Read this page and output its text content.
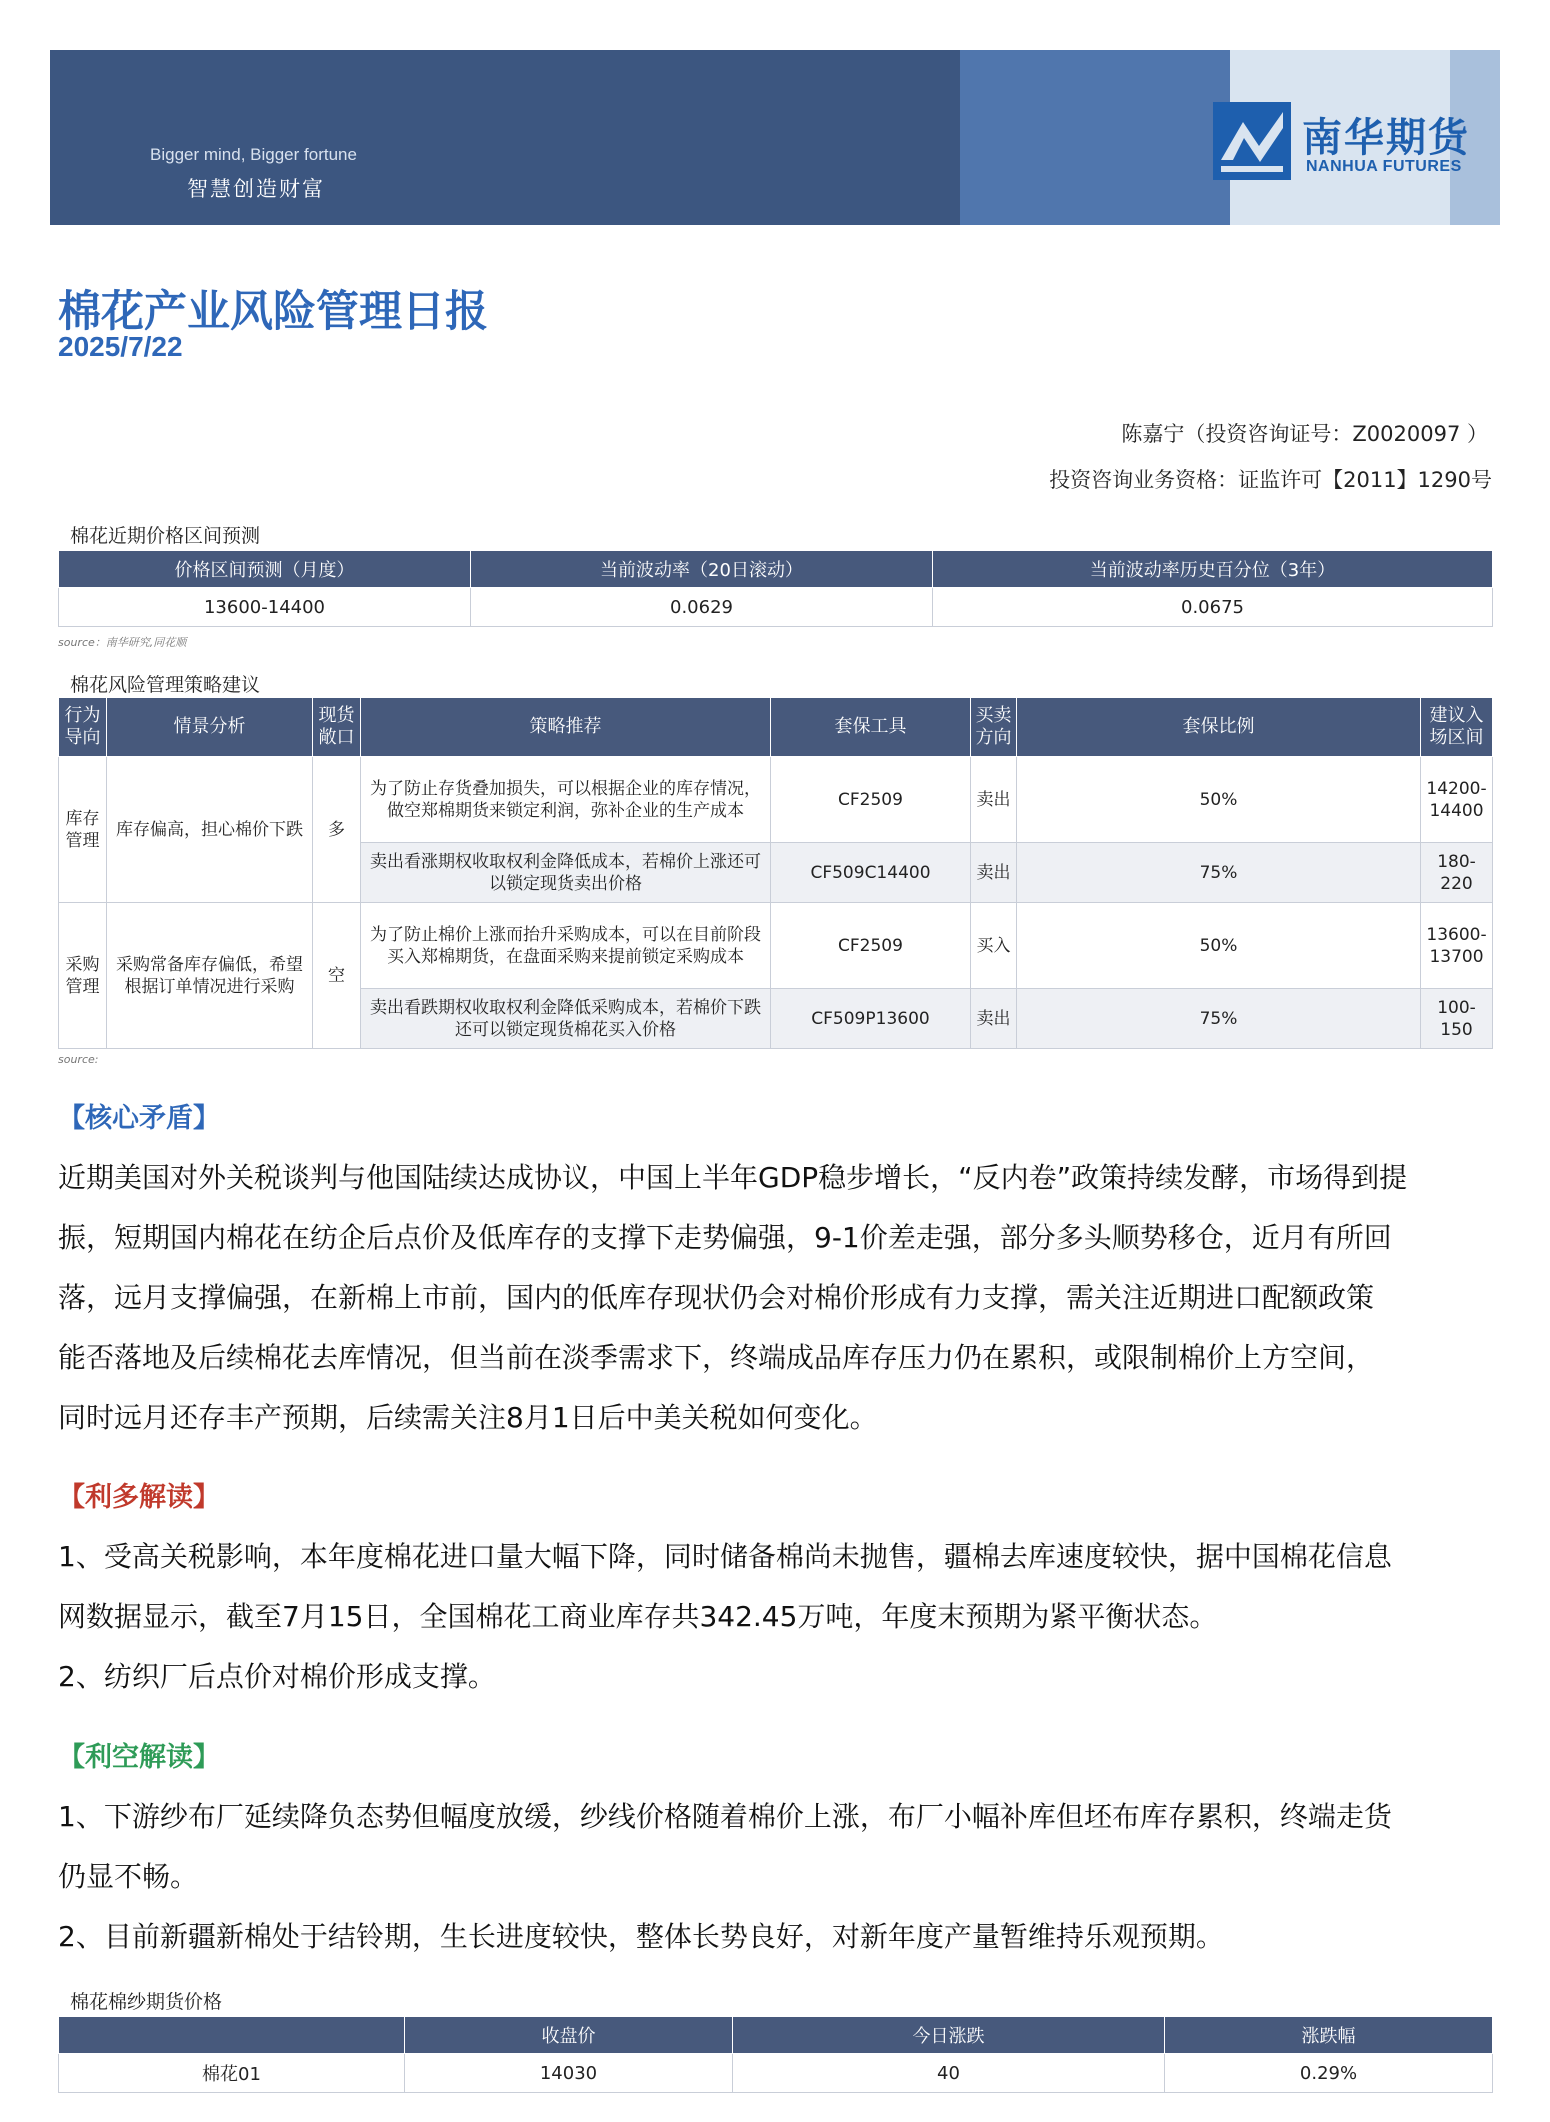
Bigger mind, Bigger fortune
智慧创造财富
南华期货
NANHUA FUTURES
棉花产业风险管理日报
2025/7/22
陈嘉宁（投资咨询证号：Z0020097 ）
投资咨询业务资格：证监许可【2011】1290号
棉花近期价格区间预测
价格区间预测（月度）	当前波动率（20日滚动）	当前波动率历史百分位（3年）
13600-14400	0.0629	0.0675
source：南华研究,同花顺
棉花风险管理策略建议
行为导向	情景分析	现货敞口	策略推荐	套保工具	买卖方向	套保比例	建议入场区间
库存管理	库存偏高，担心棉价下跌	多	为了防止存货叠加损失，可以根据企业的库存情况，做空郑棉期货来锁定利润，弥补企业的生产成本	CF2509	卖出	50%	14200-14400
			卖出看涨期权收取权利金降低成本，若棉价上涨还可以锁定现货卖出价格	CF509C14400	卖出	75%	180-220
采购管理	采购常备库存偏低，希望根据订单情况进行采购	空	为了防止棉价上涨而抬升采购成本，可以在目前阶段买入郑棉期货，在盘面采购来提前锁定采购成本	CF2509	买入	50%	13600-13700
			卖出看跌期权收取权利金降低采购成本，若棉价下跌还可以锁定现货棉花买入价格	CF509P13600	卖出	75%	100-150
source:
【核心矛盾】

近期美国对外关税谈判与他国陆续达成协议，中国上半年GDP稳步增长，“反内卷”政策持续发酵，市场得到提

振，短期国内棉花在纺企后点价及低库存的支撑下走势偏强，9-1价差走强，部分多头顺势移仓，近月有所回

落，远月支撑偏强，在新棉上市前，国内的低库存现状仍会对棉价形成有力支撑，需关注近期进口配额政策

能否落地及后续棉花去库情况，但当前在淡季需求下，终端成品库存压力仍在累积，或限制棉价上方空间，

同时远月还存丰产预期，后续需关注8月1日后中美关税如何变化。

【利多解读】

1、受高关税影响，本年度棉花进口量大幅下降，同时储备棉尚未抛售，疆棉去库速度较快，据中国棉花信息

网数据显示，截至7月15日，全国棉花工商业库存共342.45万吨，年度末预期为紧平衡状态。

2、纺织厂后点价对棉价形成支撑。

【利空解读】

1、下游纱布厂延续降负态势但幅度放缓，纱线价格随着棉价上涨，布厂小幅补库但坯布库存累积，终端走货

仍显不畅。

2、目前新疆新棉处于结铃期，生长进度较快，整体长势良好，对新年度产量暂维持乐观预期。

棉花棉纱期货价格
	收盘价	今日涨跌	涨跌幅
棉花01	14030	40	0.29%
